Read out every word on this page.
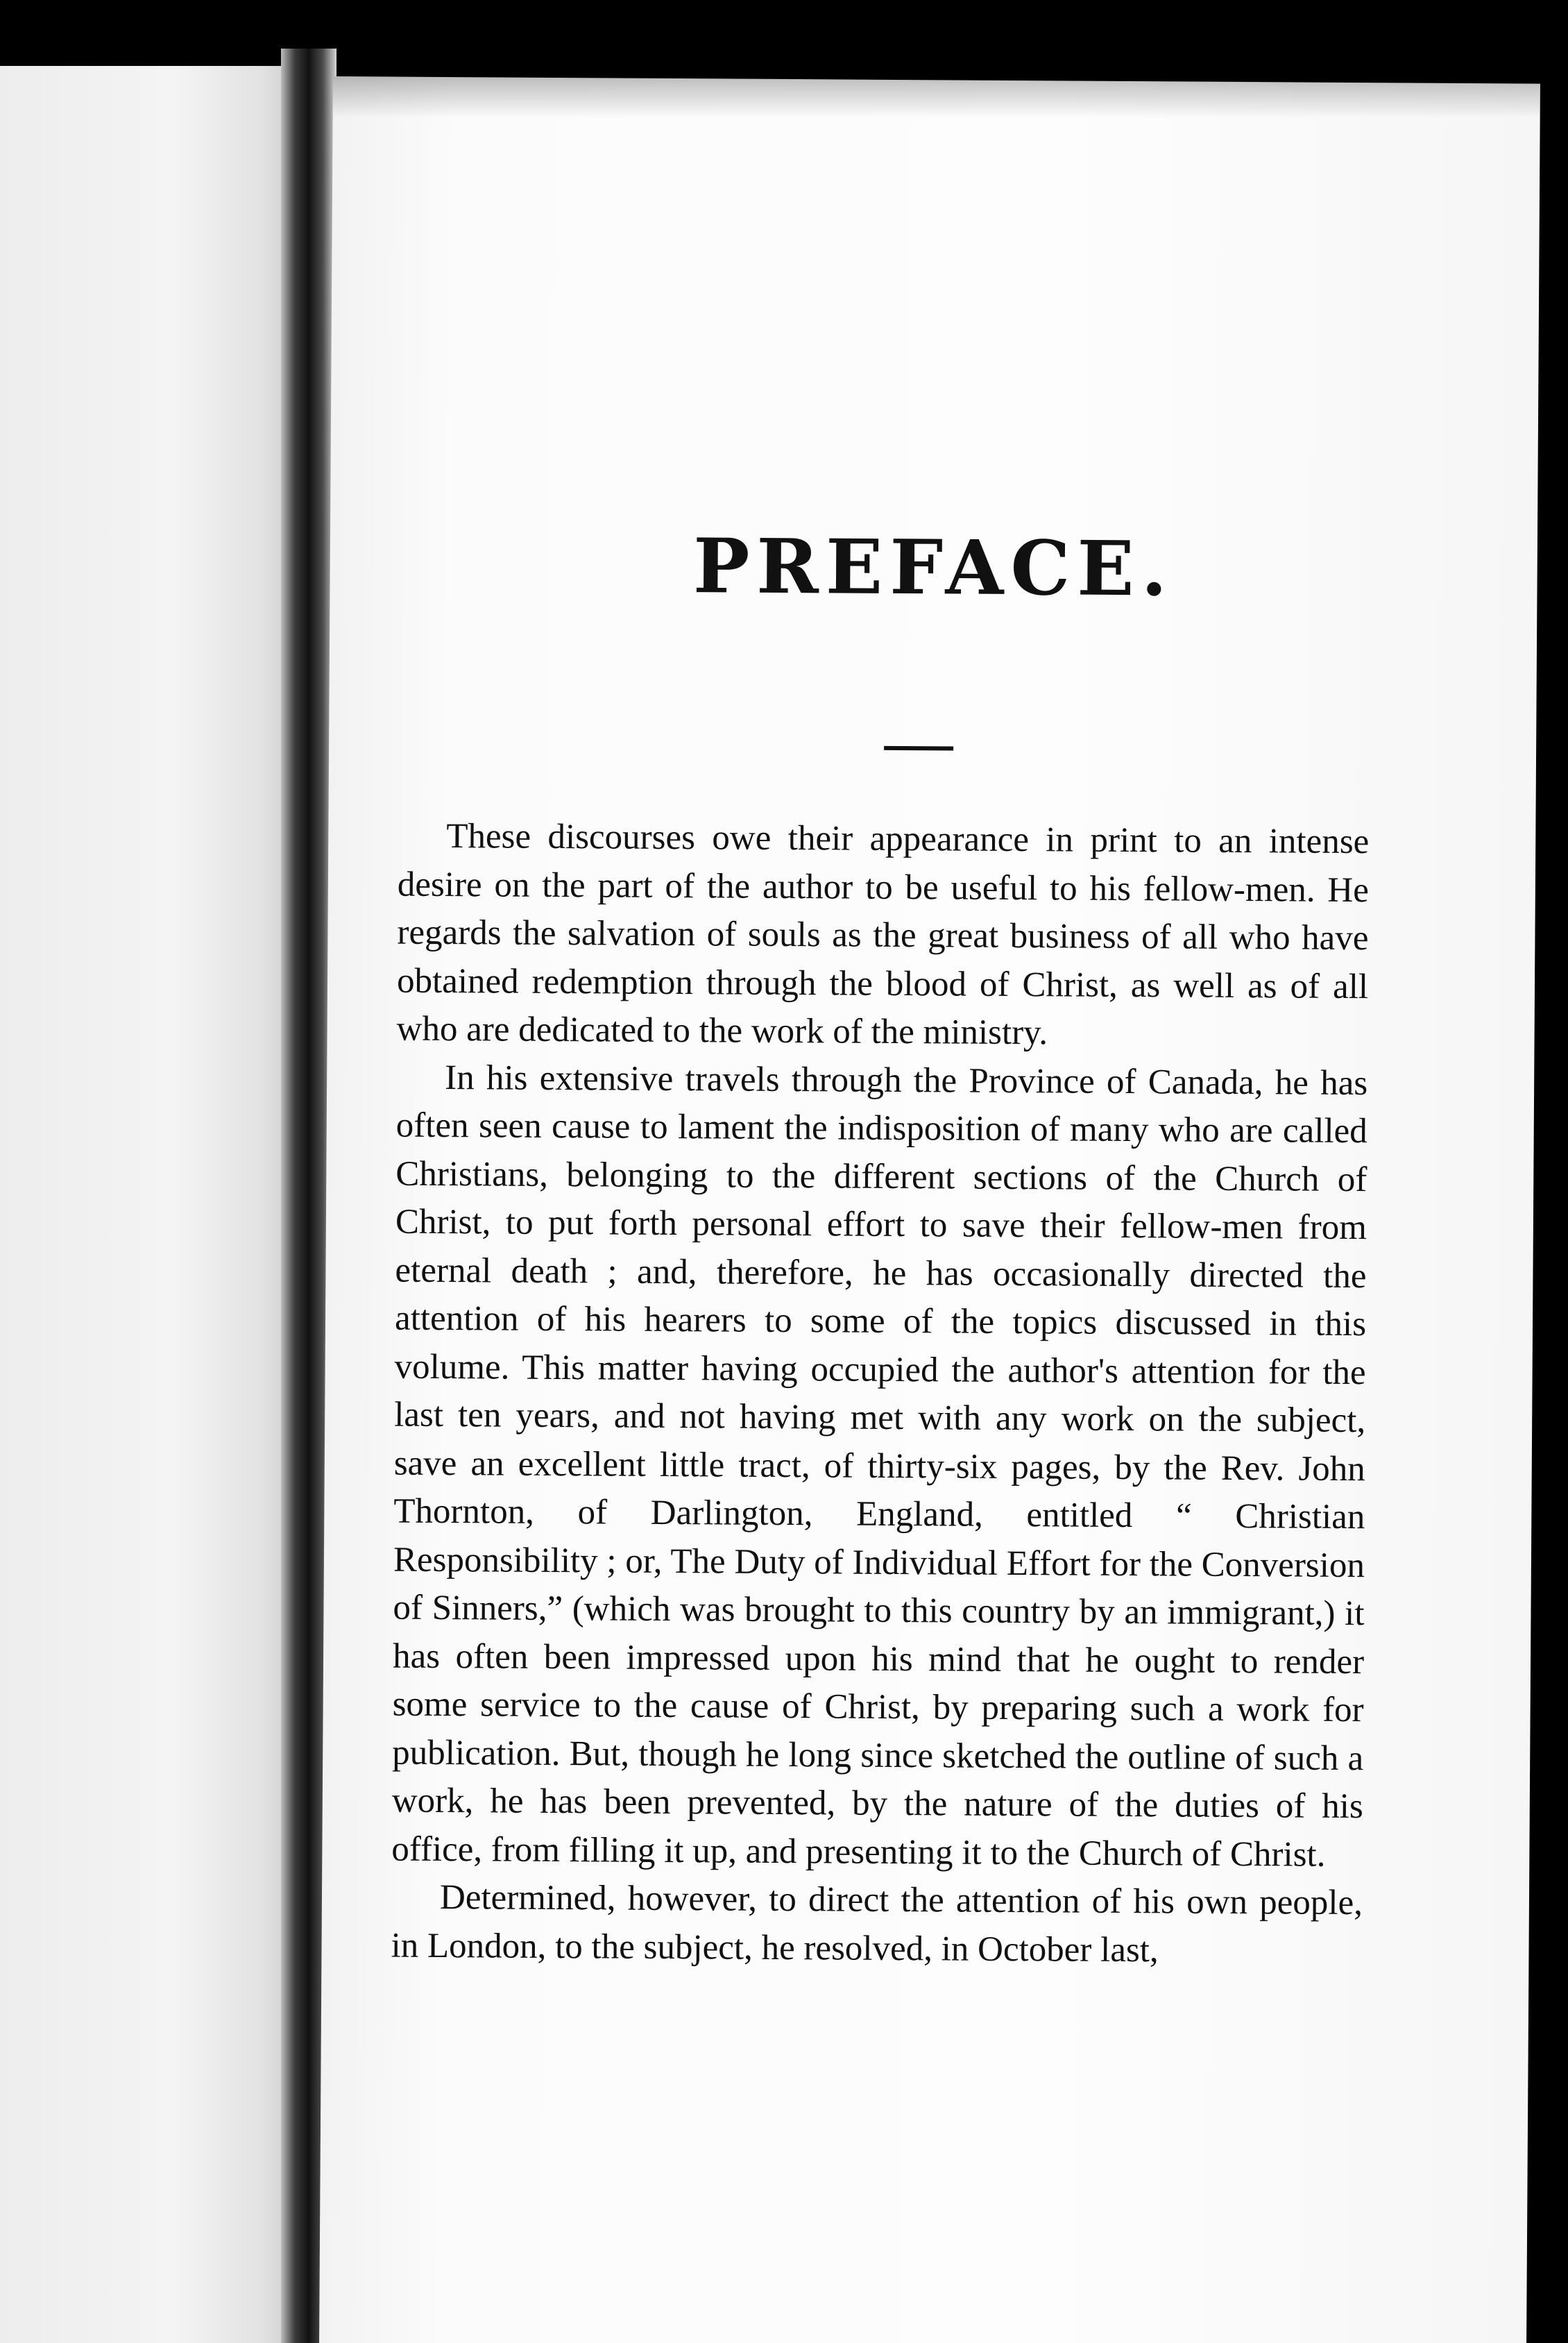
PREFACE.

These discourses owe their appearance in print to an intense desire on the part of the author to be useful to his fellow-men. He regards the salvation of souls as the great business of all who have obtained redemption through the blood of Christ, as well as of all who are dedicated to the work of the ministry.

In his extensive travels through the Province of Canada, he has often seen cause to lament the indisposition of many who are called Christians, belonging to the different sections of the Church of Christ, to put forth personal effort to save their fellow-men from eternal death ; and, therefore, he has occasionally directed the attention of his hearers to some of the topics discussed in this volume. This matter having occupied the author's attention for the last ten years, and not having met with any work on the subject, save an excellent little tract, of thirty-six pages, by the Rev. John Thornton, of Darlington, England, entitled “ Christian Responsibility ; or, The Duty of Individual Effort for the Conversion of Sinners,” (which was brought to this country by an immigrant,) it has often been impressed upon his mind that he ought to render some service to the cause of Christ, by preparing such a work for publication. But, though he long since sketched the outline of such a work, he has been prevented, by the nature of the duties of his office, from filling it up, and presenting it to the Church of Christ.

Determined, however, to direct the attention of his own people, in London, to the subject, he resolved, in October last,
